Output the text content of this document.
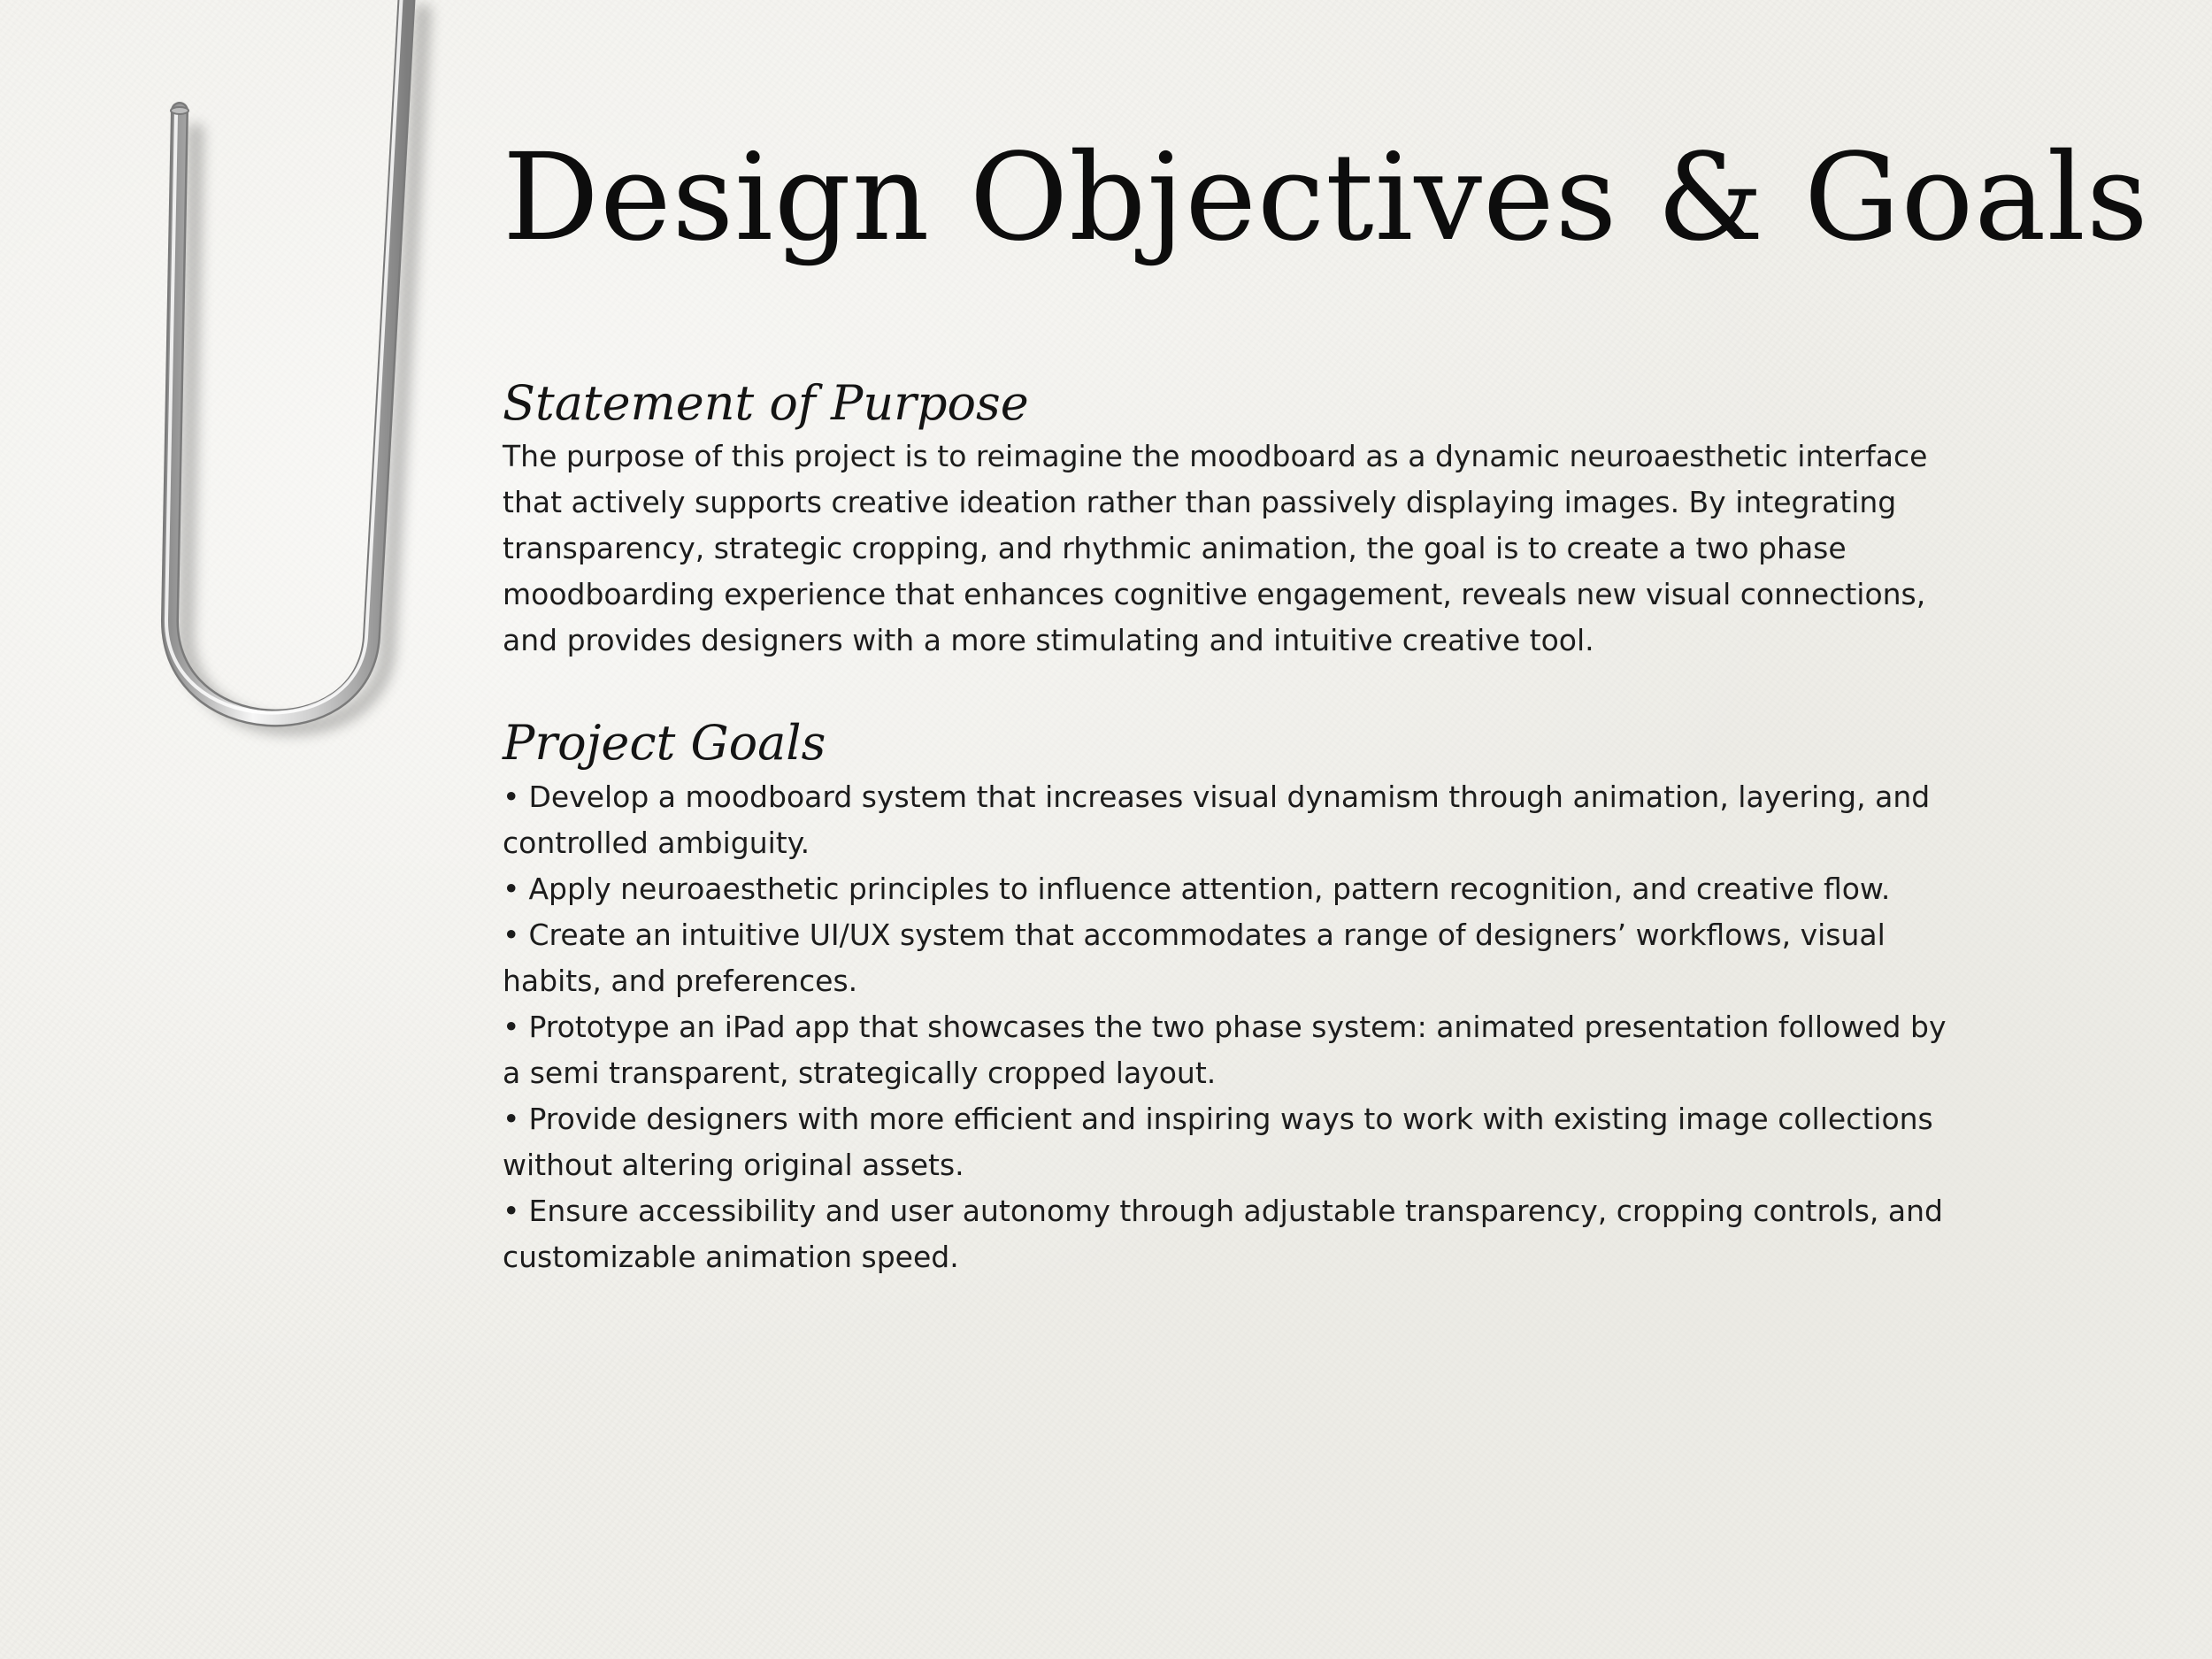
Design Objectives & Goals
Statement of Purpose

The purpose of this project is to reimagine the moodboard as a dynamic neuroaesthetic interface that actively supports creative ideation rather than passively displaying images. By integrating transparency, strategic cropping, and rhythmic animation, the goal is to create a two phase moodboarding experience that enhances cognitive engagement, reveals new visual connections, and provides designers with a more stimulating and intuitive creative tool.

Project Goals
• Develop a moodboard system that increases visual dynamism through animation, layering, and controlled ambiguity.
• Apply neuroaesthetic principles to influence attention, pattern recognition, and creative flow.
• Create an intuitive UI/UX system that accommodates a range of designers’ workflows, visual habits, and preferences.
• Prototype an iPad app that showcases the two phase system: animated presentation followed by a semi transparent, strategically cropped layout.
• Provide designers with more efficient and inspiring ways to work with existing image collections without altering original assets.
• Ensure accessibility and user autonomy through adjustable transparency, cropping controls, and customizable animation speed.
